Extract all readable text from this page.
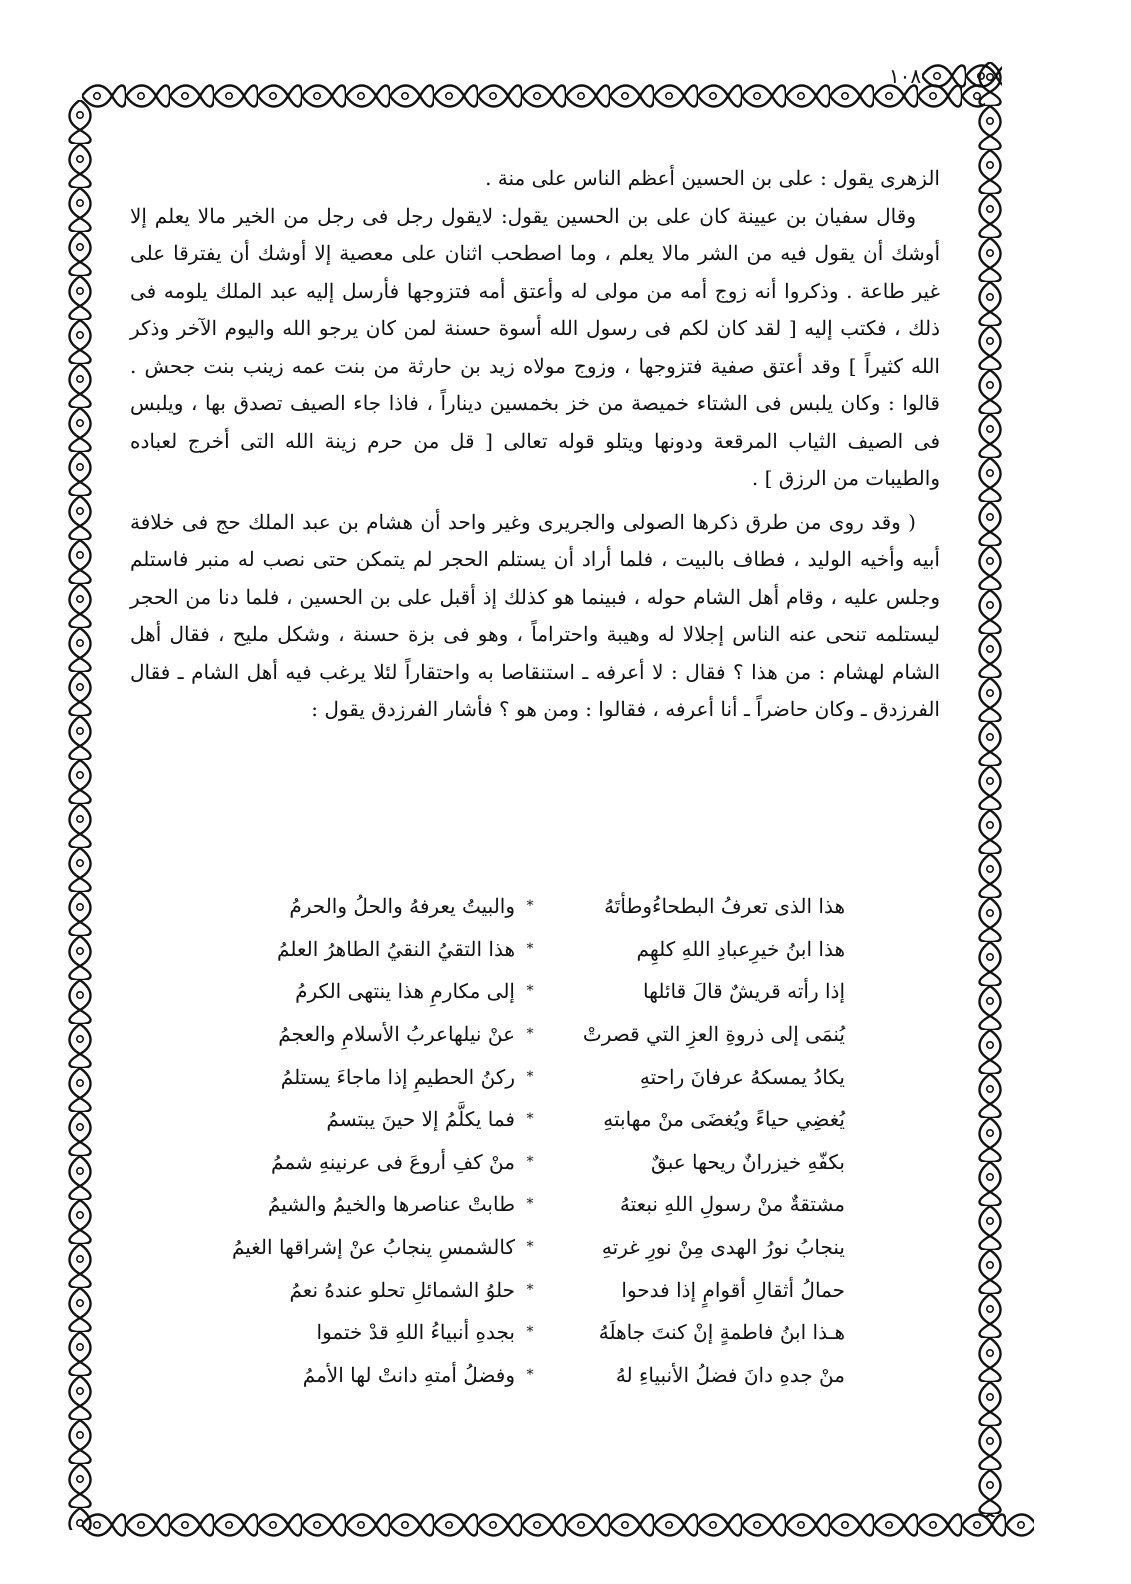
١٠٨

الزهرى يقول : على بن الحسين أعظم الناس على منة .

وقال سفيان بن عيينة كان على بن الحسين يقول: لايقول رجل فى رجل من الخير مالا يعلم إلا أوشك أن يقول فيه من الشر مالا يعلم ، وما اصطحب اثنان على معصية إلا أوشك أن يفترقا على غير طاعة . وذكروا أنه زوج أمه من مولى له وأعتق أمه فتزوجها فأرسل إليه عبد الملك يلومه فى ذلك ، فكتب إليه [ لقد كان لكم فى رسول الله أسوة حسنة لمن كان يرجو الله واليوم الآخر وذكر الله كثيراً ] وقد أعتق صفية فتزوجها ، وزوج مولاه زيد بن حارثة من بنت عمه زينب بنت جحش . قالوا : وكان يلبس فى الشتاء خميصة من خز بخمسين ديناراً ، فاذا جاء الصيف تصدق بها ، ويلبس فى الصيف الثياب المرقعة ودونها ويتلو قوله تعالى [ قل من حرم زينة الله التى أخرج لعباده والطيبات من الرزق ] .

( وقد روى من طرق ذكرها الصولى والجريرى وغير واحد أن هشام بن عبد الملك حج فى خلافة أبيه وأخيه الوليد ، فطاف بالبيت ، فلما أراد أن يستلم الحجر لم يتمكن حتى نصب له منبر فاستلم وجلس عليه ، وقام أهل الشام حوله ، فبينما هو كذلك إذ أقبل على بن الحسين ، فلما دنا من الحجر ليستلمه تنحى عنه الناس إجلالا له وهيبة واحتراماً ، وهو فى بزة حسنة ، وشكل مليح ، فقال أهل الشام لهشام : من هذا ؟ فقال : لا أعرفه ـ استنقاصا به واحتقاراً لئلا يرغب فيه أهل الشام ـ فقال الفرزدق ـ وكان حاضراً ـ أنا أعرفه ، فقالوا : ومن هو ؟ فأشار الفرزدق يقول :

هذا الذى تعرفُ البطحاءُوطأتَهُ
*
والبيتُ يعرفهُ والحلُ والحرمُ
هذا ابنُ خيرِعبادِ اللهِ كلهِم
*
هذا التقيُ النقيُ الطاهرُ العلمُ
إذا رأته قريشٌ قالَ قائلها
*
إلى مكارمِ هذا ينتهى الكرمُ
يُنمَى إلى ذروةِ العزِ التي قصرتْ
*
عنْ نيلهاعربُ الأسلامِ والعجمُ
يكادُ يمسكهُ عرفانَ راحتهِ
*
ركنُ الحطيمِ إذا ماجاءَ يستلمُ
يُغضِي حياءً ويُغضَى منْ مهابتهِ
*
فما يكلَّمُ إلا حينَ يبتسمُ
بكفّهِ خيزرانٌ ريحها عبقٌ
*
منْ كفِ أروعَ فى عرنينهِ شممُ
مشتقةٌ منْ رسولِ اللهِ نبعتهُ
*
طابتْ عناصرها والخيمُ والشيمُ
ينجابُ نورُ الهدى مِنْ نورِ غرتهِ
*
كالشمسِ ينجابُ عنْ إشراقها الغيمُ
حمالُ أثقالِ أقوامٍ إذا فدحوا
*
حلوُ الشمائلِ تحلو عندهُ نعمُ
هـذا ابنُ فاطمةٍ إنْ كنتَ جاهلَهُ
*
بجدهِ أنبياءُ اللهِ قدْ ختموا
منْ جدهِ دانَ فضلُ الأنبياءِ لهُ
*
وفضلُ أمتهِ دانتْ لها الأممُ
